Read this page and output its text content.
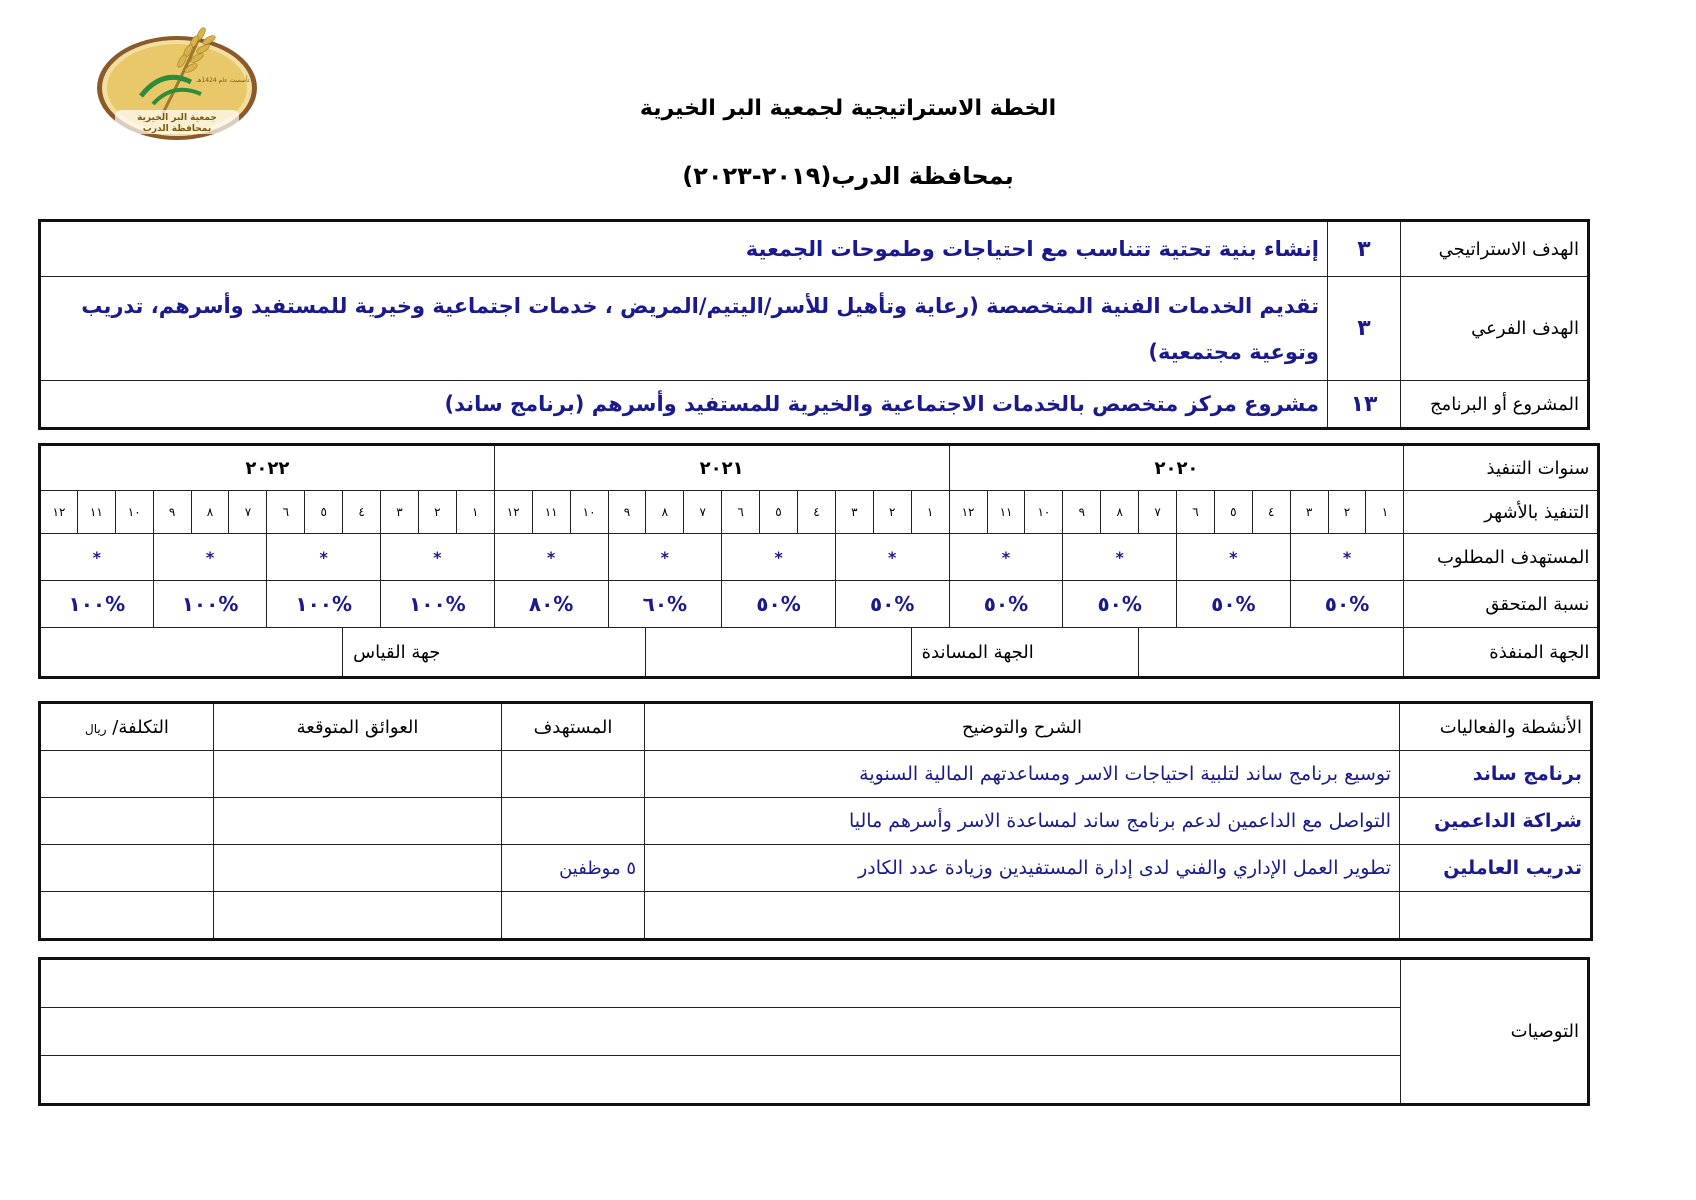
جمعية البر الخيرية
بمحافظة الدرب
تأسست عام 1424هـ
الخطة الاستراتيجية لجمعية البر الخيرية
بمحافظة الدرب(٢٠١٩-٢٠٢٣)
الهدف الاستراتيجي	٣	إنشاء بنية تحتية تتناسب مع احتياجات وطموحات الجمعية
الهدف الفرعي	٣	تقديم الخدمات الفنية المتخصصة (رعاية وتأهيل للأسر/اليتيم/المريض ، خدمات اجتماعية وخيرية للمستفيد وأسرهم، تدريب وتوعية مجتمعية)
المشروع أو البرنامج	١٣	مشروع مركز متخصص بالخدمات الاجتماعية والخيرية للمستفيد وأسرهم (برنامج ساند)
سنوات التنفيذ	٢٠٢٠												٢٠٢١												٢٠٢٢											
التنفيذ بالأشهر	١	٢	٣	٤	٥	٦	٧	٨	٩	١٠	١١	١٢	١	٢	٣	٤	٥	٦	٧	٨	٩	١٠	١١	١٢	١	٢	٣	٤	٥	٦	٧	٨	٩	١٠	١١	١٢
المستهدف المطلوب	*			*			*			*			*			*			*			*			*			*			*			*		
نسبة المتحقق	%٥٠			%٥٠			%٥٠			%٥٠			%٥٠			%٥٠			%٦٠			%٨٠			%١٠٠			%١٠٠			%١٠٠			%١٠٠		
الجهة المنفذة								الجهة المساندة													جهة القياس															
الأنشطة والفعاليات	الشرح والتوضيح	المستهدف	العوائق المتوقعة	التكلفة/ ريال
برنامج ساند	توسيع برنامج ساند لتلبية احتياجات الاسر ومساعدتهم المالية السنوية			
شراكة الداعمين	التواصل مع الداعمين لدعم برنامج ساند لمساعدة الاسر وأسرهم ماليا			
تدريب العاملين	تطوير العمل الإداري والفني لدى إدارة المستفيدين وزيادة عدد الكادر	٥ موظفين		

التوصيات	
